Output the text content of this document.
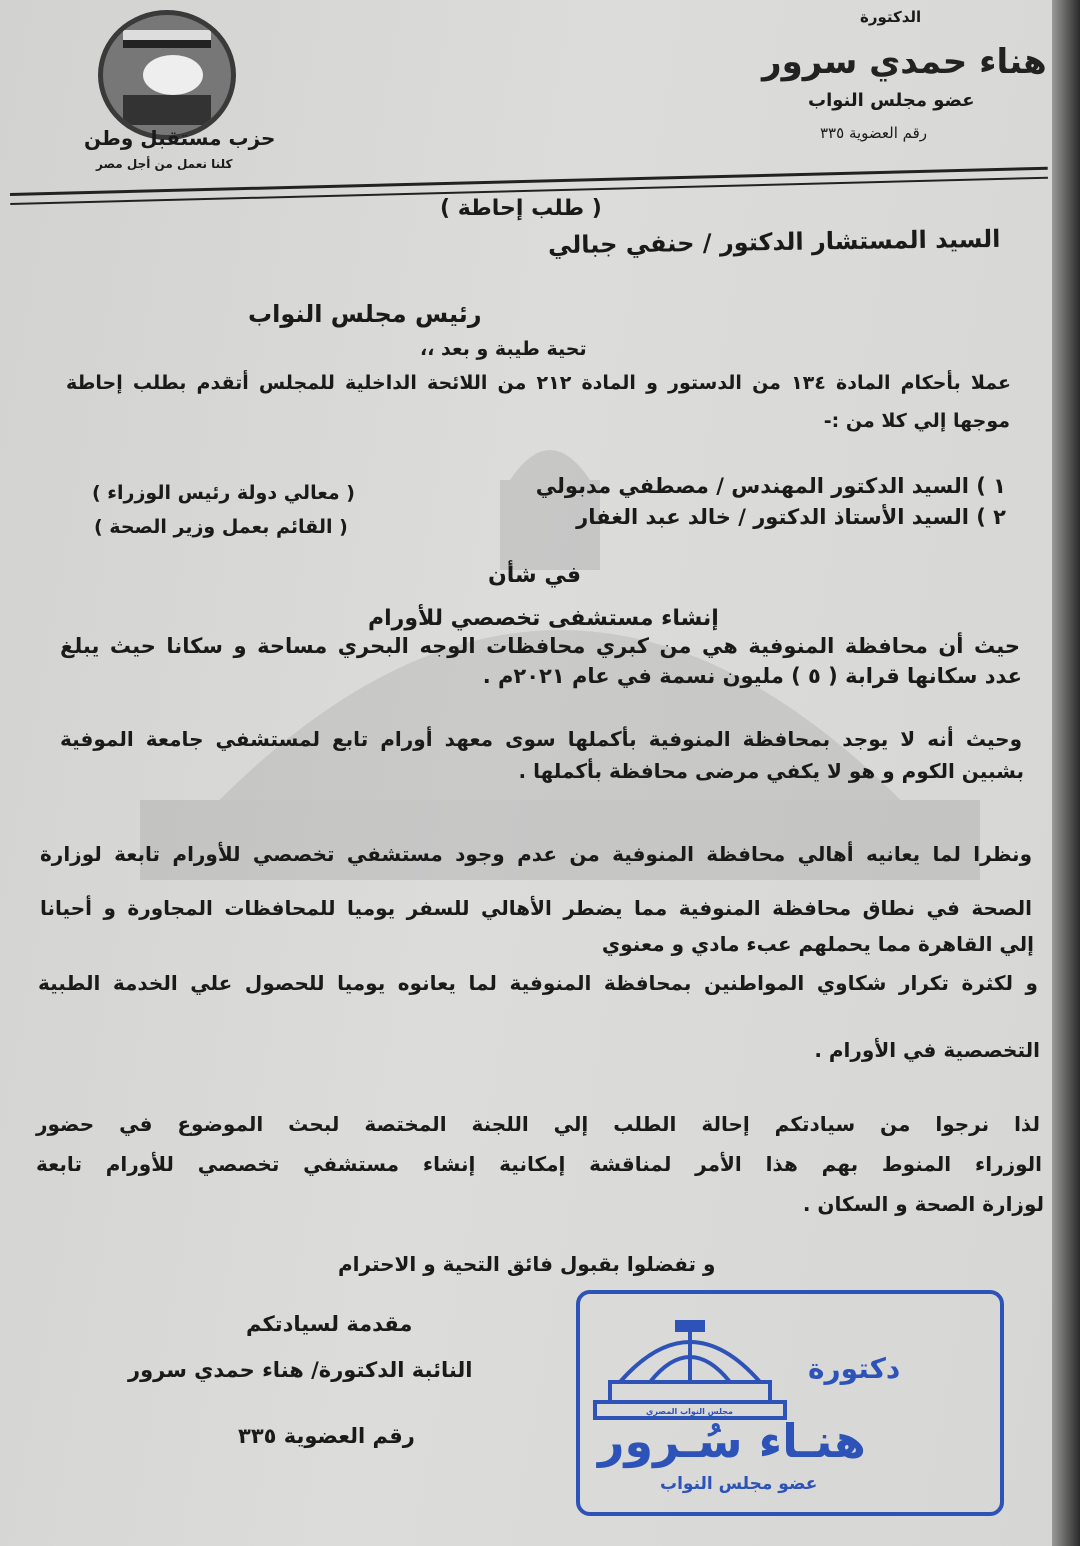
الدكتورة
هناء حمدي سرور
عضو مجلس النواب
رقم العضوية ٣٣٥
حزب مستقبل وطن
كلنا نعمل من أجل مصر
( طلب إحاطة )
السيد المستشار الدكتور / حنفي جبالي
رئيس مجلس النواب
تحية طيبة و بعد ،،
عملا بأحكام المادة ١٣٤ من الدستور و المادة ٢١٢ من اللائحة الداخلية للمجلس أتقدم بطلب إحاطة
موجها إلي كلا من :-
١ ) السيد الدكتور المهندس / مصطفي مدبولي
( معالي دولة رئيس الوزراء )
٢ ) السيد الأستاذ الدكتور / خالد عبد الغفار
( القائم بعمل وزير الصحة )
في شأن
إنشاء مستشفى تخصصي للأورام
حيث أن محافظة المنوفية هي من كبري محافظات الوجه البحري مساحة و سكانا حيث يبلغ
عدد سكانها قرابة ( ٥ ) مليون نسمة في عام ٢٠٢١م .
وحيث أنه لا يوجد بمحافظة المنوفية بأكملها سوى معهد أورام تابع لمستشفي جامعة الموفية
بشبين الكوم و هو لا يكفي مرضى محافظة بأكملها .
ونظرا لما يعانيه أهالي محافظة المنوفية من عدم وجود مستشفي تخصصي للأورام تابعة لوزارة
الصحة في نطاق محافظة المنوفية مما يضطر الأهالي للسفر يوميا للمحافظات المجاورة و أحيانا
إلي القاهرة مما يحملهم عبء مادي و معنوي
و لكثرة تكرار شكاوي المواطنين بمحافظة المنوفية لما يعانوه يوميا للحصول علي الخدمة الطبية
التخصصية في الأورام .
لذا نرجوا من سيادتكم إحالة الطلب إلي اللجنة المختصة لبحث الموضوع في حضور
الوزراء المنوط بهم هذا الأمر لمناقشة إمكانية إنشاء مستشفي تخصصي للأورام تابعة
لوزارة الصحة و السكان .
و تفضلوا بقبول فائق التحية و الاحترام
مقدمة لسيادتكم
النائبة الدكتورة/ هناء حمدي سرور
رقم العضوية ٣٣٥
مجلس النواب المصري
دكتورة
هنـاء سُـرور
عضو مجلس النواب
